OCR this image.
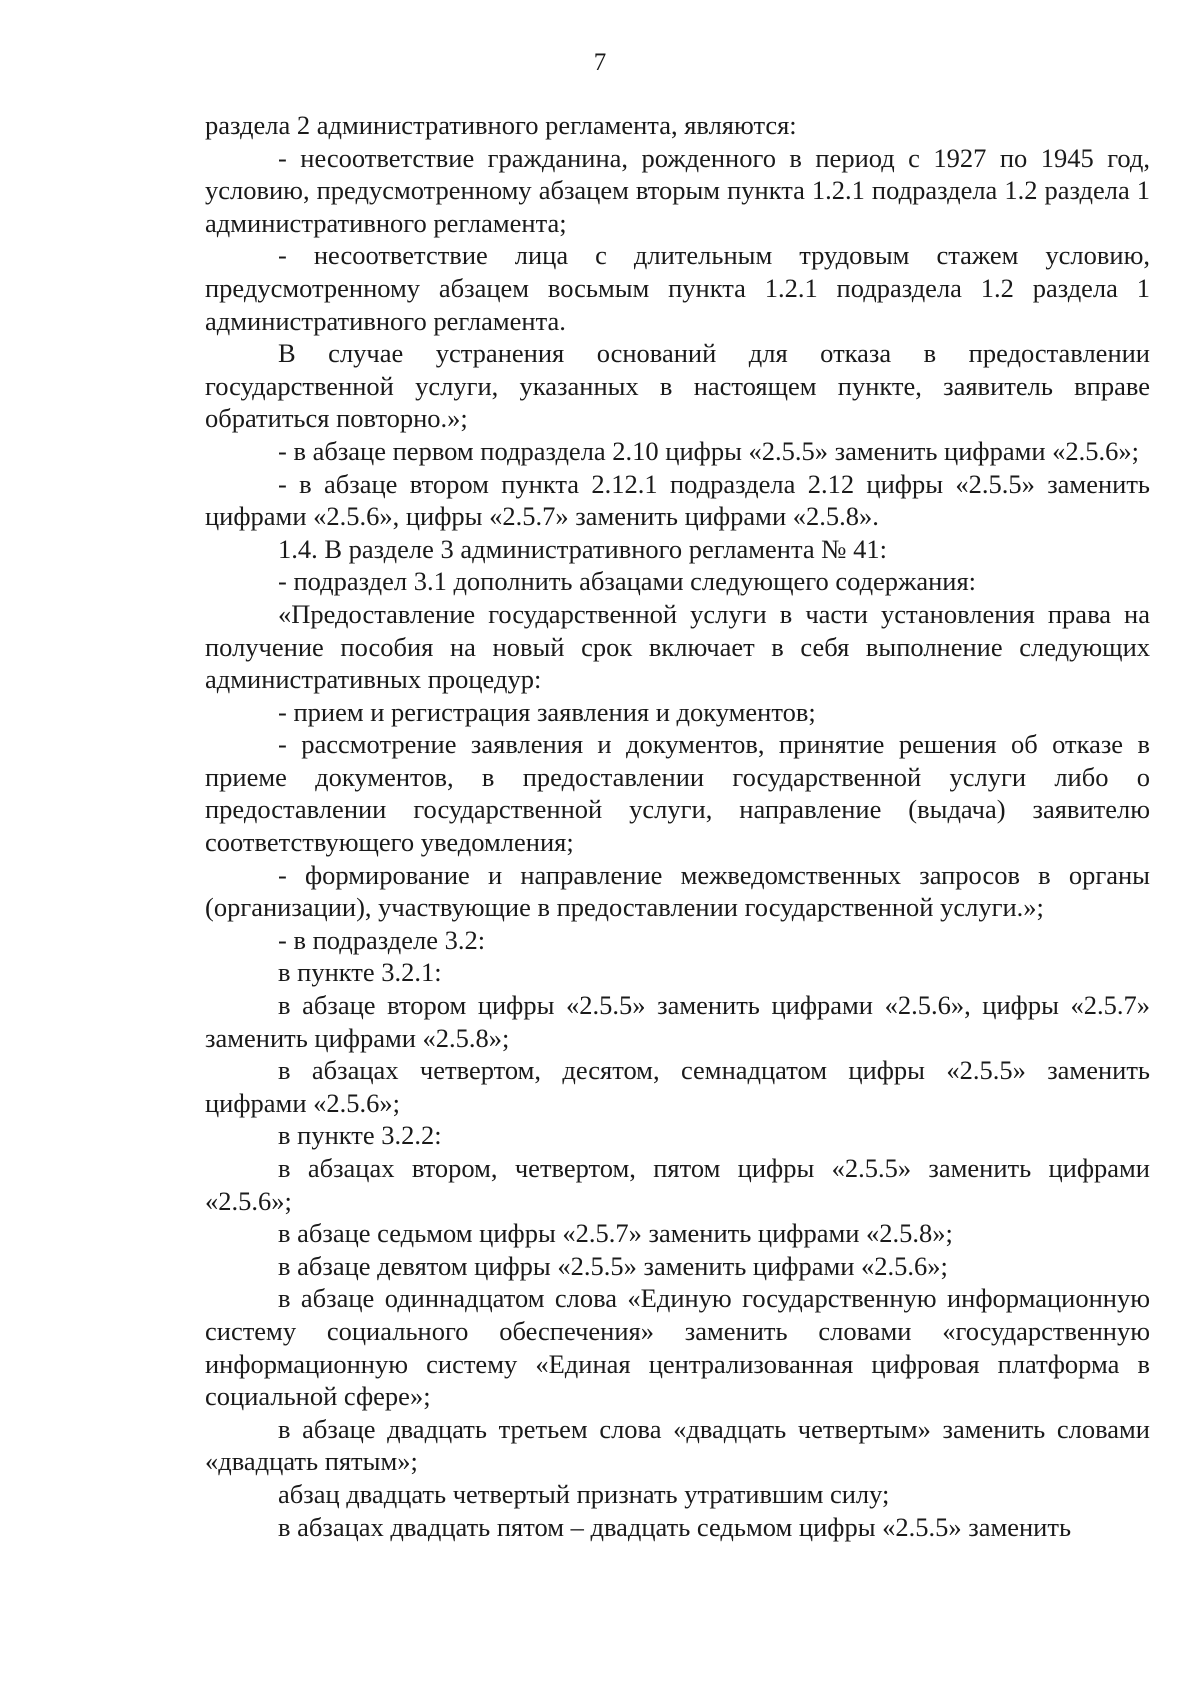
7

раздела 2 административного регламента, являются:

- несоответствие гражданина, рожденного в период с 1927 по 1945 год, условию, предусмотренному абзацем вторым пункта 1.2.1 подраздела 1.2 раздела 1 административного регламента;

- несоответствие лица с длительным трудовым стажем условию, предусмотренному абзацем восьмым пункта 1.2.1 подраздела 1.2 раздела 1 административного регламента.

В случае устранения оснований для отказа в предоставлении государственной услуги, указанных в настоящем пункте, заявитель вправе обратиться повторно.»;

- в абзаце первом подраздела 2.10 цифры «2.5.5» заменить цифрами «2.5.6»;

- в абзаце втором пункта 2.12.1 подраздела 2.12 цифры «2.5.5» заменить цифрами «2.5.6», цифры «2.5.7» заменить цифрами «2.5.8».

1.4. В разделе 3 административного регламента № 41:

- подраздел 3.1 дополнить абзацами следующего содержания:

«Предоставление государственной услуги в части установления права на получение пособия на новый срок включает в себя выполнение следующих административных процедур:

- прием и регистрация заявления и документов;

- рассмотрение заявления и документов, принятие решения об отказе в приеме документов, в предоставлении государственной услуги либо о предоставлении государственной услуги, направление (выдача) заявителю соответствующего уведомления;

- формирование и направление межведомственных запросов в органы (организации), участвующие в предоставлении государственной услуги.»;

- в подразделе 3.2:

в пункте 3.2.1:

в абзаце втором цифры «2.5.5» заменить цифрами «2.5.6», цифры «2.5.7» заменить цифрами «2.5.8»;

в абзацах четвертом, десятом, семнадцатом цифры «2.5.5» заменить цифрами «2.5.6»;

в пункте 3.2.2:

в абзацах втором, четвертом, пятом цифры «2.5.5» заменить цифрами «2.5.6»;

в абзаце седьмом цифры «2.5.7» заменить цифрами «2.5.8»;

в абзаце девятом цифры «2.5.5» заменить цифрами «2.5.6»;

в абзаце одиннадцатом слова «Единую государственную информационную систему социального обеспечения» заменить словами «государственную информационную систему «Единая централизованная цифровая платформа в социальной сфере»;

в абзаце двадцать третьем слова «двадцать четвертым» заменить словами «двадцать пятым»;

абзац двадцать четвертый признать утратившим силу;

в абзацах двадцать пятом – двадцать седьмом цифры «2.5.5» заменить
